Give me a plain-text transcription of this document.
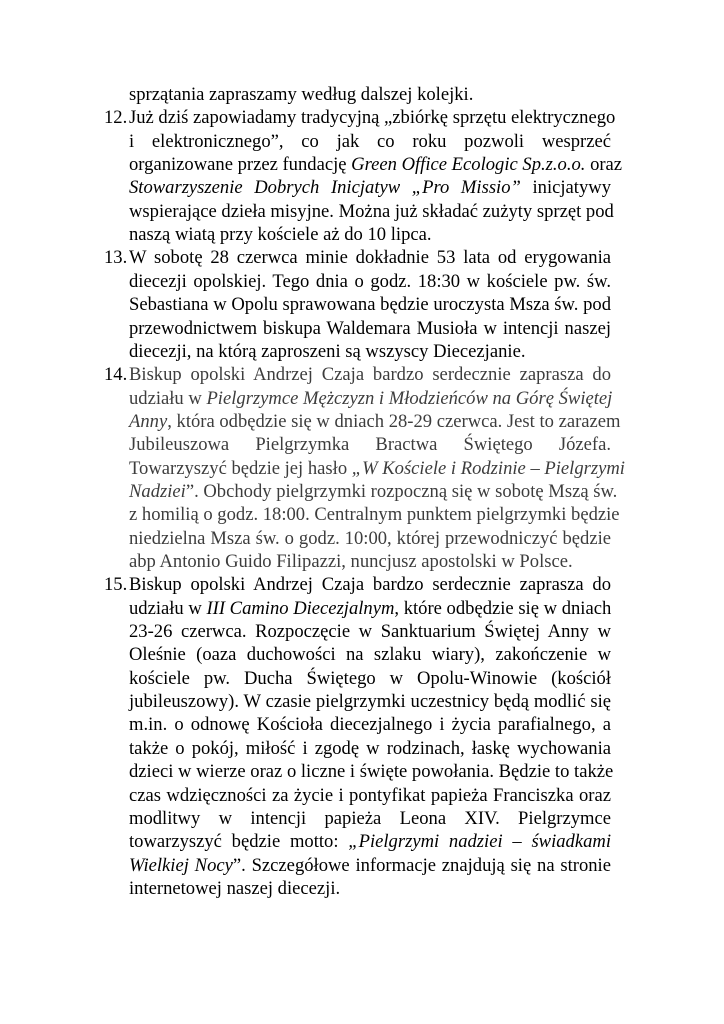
sprzątania zapraszamy według dalszej kolejki.
12. Już dziś zapowiadamy tradycyjną „zbiórkę sprzętu elektrycznego
i elektronicznego”, co jak co roku pozwoli wesprzeć
organizowane przez fundację Green Office Ecologic Sp.z.o.o. oraz
Stowarzyszenie Dobrych Inicjatyw „Pro Missio” inicjatywy
wspierające dzieła misyjne. Można już składać zużyty sprzęt pod
naszą wiatą przy kościele aż do 10 lipca.
13. W sobotę 28 czerwca minie dokładnie 53 lata od erygowania
diecezji opolskiej. Tego dnia o godz. 18:30 w kościele pw. św.
Sebastiana w Opolu sprawowana będzie uroczysta Msza św. pod
przewodnictwem biskupa Waldemara Musioła w intencji naszej
diecezji, na którą zaproszeni są wszyscy Diecezjanie.
14. Biskup opolski Andrzej Czaja bardzo serdecznie zaprasza do
udziału w Pielgrzymce Mężczyzn i Młodzieńców na Górę Świętej
Anny, która odbędzie się w dniach 28-29 czerwca. Jest to zarazem
Jubileuszowa Pielgrzymka Bractwa Świętego Józefa.
Towarzyszyć będzie jej hasło „W Kościele i Rodzinie – Pielgrzymi
Nadziei”. Obchody pielgrzymki rozpoczną się w sobotę Mszą św.
z homilią o godz. 18:00. Centralnym punktem pielgrzymki będzie
niedzielna Msza św. o godz. 10:00, której przewodniczyć będzie
abp Antonio Guido Filipazzi, nuncjusz apostolski w Polsce.
15. Biskup opolski Andrzej Czaja bardzo serdecznie zaprasza do
udziału w III Camino Diecezjalnym, które odbędzie się w dniach
23-26 czerwca. Rozpoczęcie w Sanktuarium Świętej Anny w
Oleśnie (oaza duchowości na szlaku wiary), zakończenie w
kościele pw. Ducha Świętego w Opolu-Winowie (kościół
jubileuszowy). W czasie pielgrzymki uczestnicy będą modlić się
m.in. o odnowę Kościoła diecezjalnego i życia parafialnego, a
także o pokój, miłość i zgodę w rodzinach, łaskę wychowania
dzieci w wierze oraz o liczne i święte powołania. Będzie to także
czas wdzięczności za życie i pontyfikat papieża Franciszka oraz
modlitwy w intencji papieża Leona XIV. Pielgrzymce
towarzyszyć będzie motto: „Pielgrzymi nadziei – świadkami
Wielkiej Nocy”. Szczegółowe informacje znajdują się na stronie
internetowej naszej diecezji.
